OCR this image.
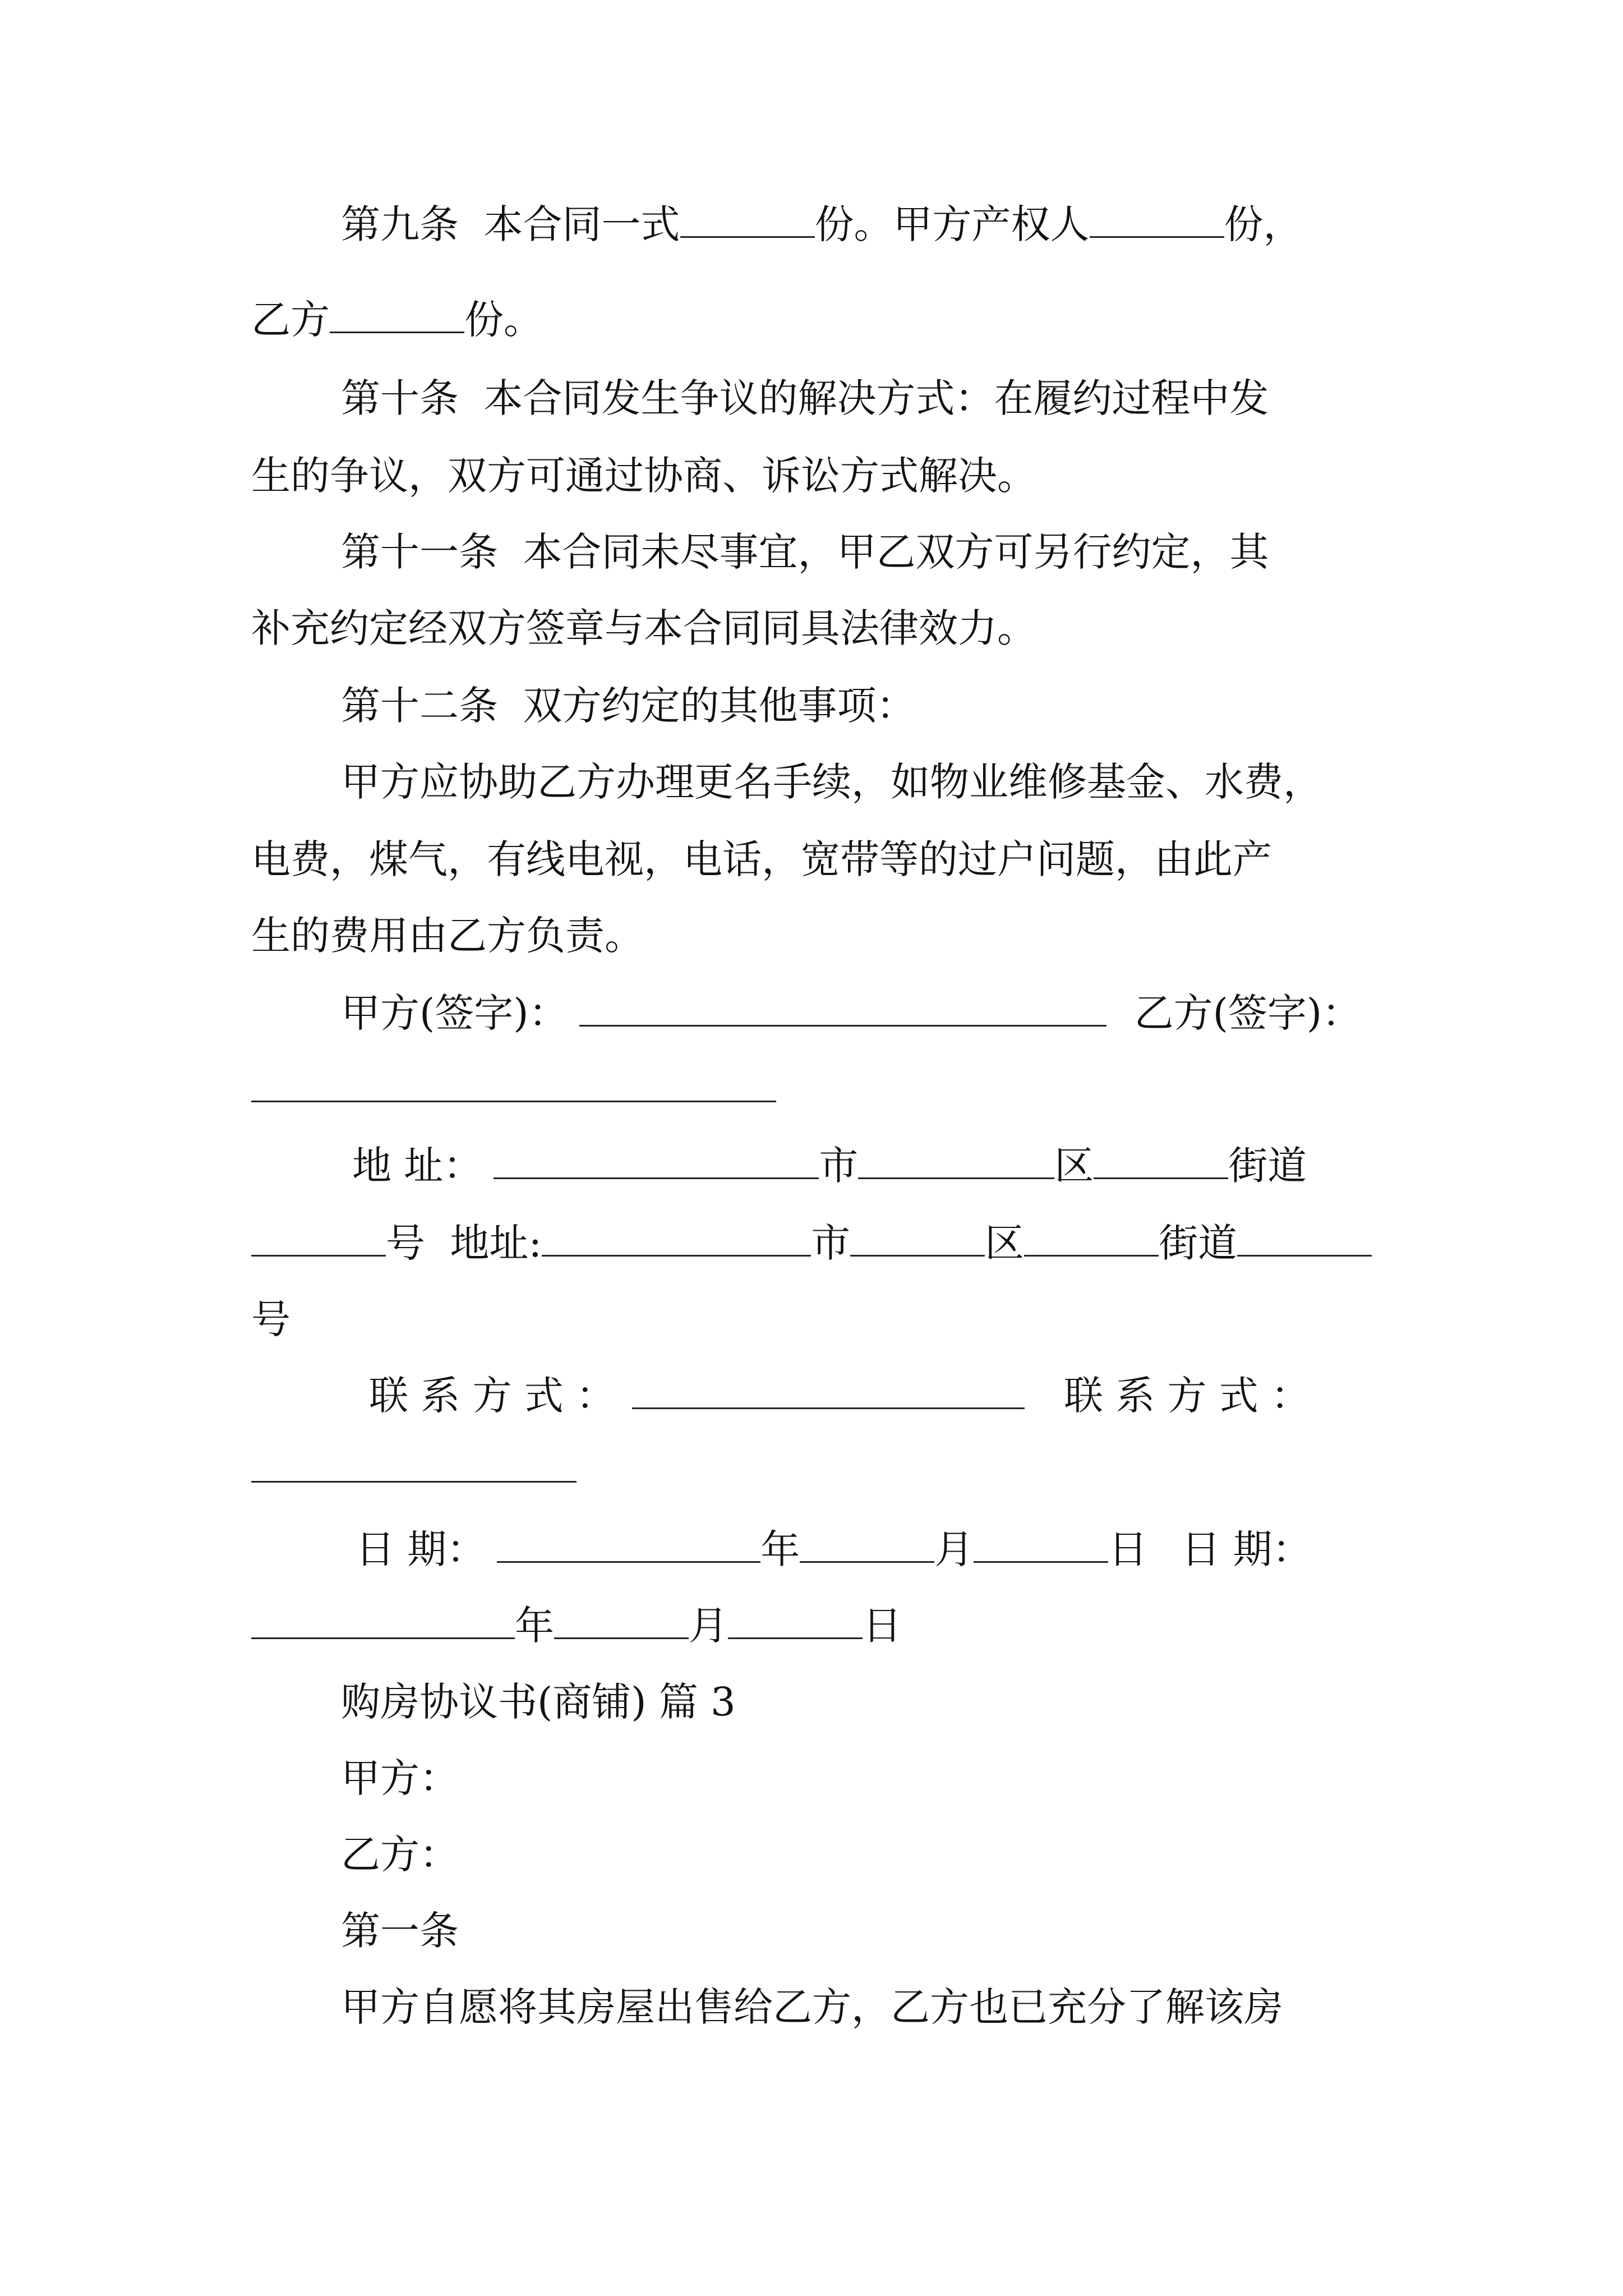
第九条  本合同一式	份。甲方产权人	份，
乙方	份。
第十条  本合同发生争议的解决方式：在履约过程中发
生的争议，双方可通过协商、诉讼方式解决。
第十一条  本合同未尽事宜，甲乙双方可另行约定，其
补充约定经双方签章与本合同同具法律效力。
第十二条  双方约定的其他事项：
甲方应协助乙方办理更名手续，如物业维修基金、水费，
电费，煤气，有线电视，电话，宽带等的过户问题，由此产
生的费用由乙方负责。
甲方(签字)：	乙方(签字)：
地 址：	市	区	街道
号  地址:	市	区	街道
号
联 系 方 式 ：	联 系 方 式 ：
日 期：	年	月	日 日 期：
年	月	日
购房协议书(商铺) 篇 3
甲方：
乙方：
第一条
甲方自愿将其房屋出售给乙方，乙方也已充分了解该房
